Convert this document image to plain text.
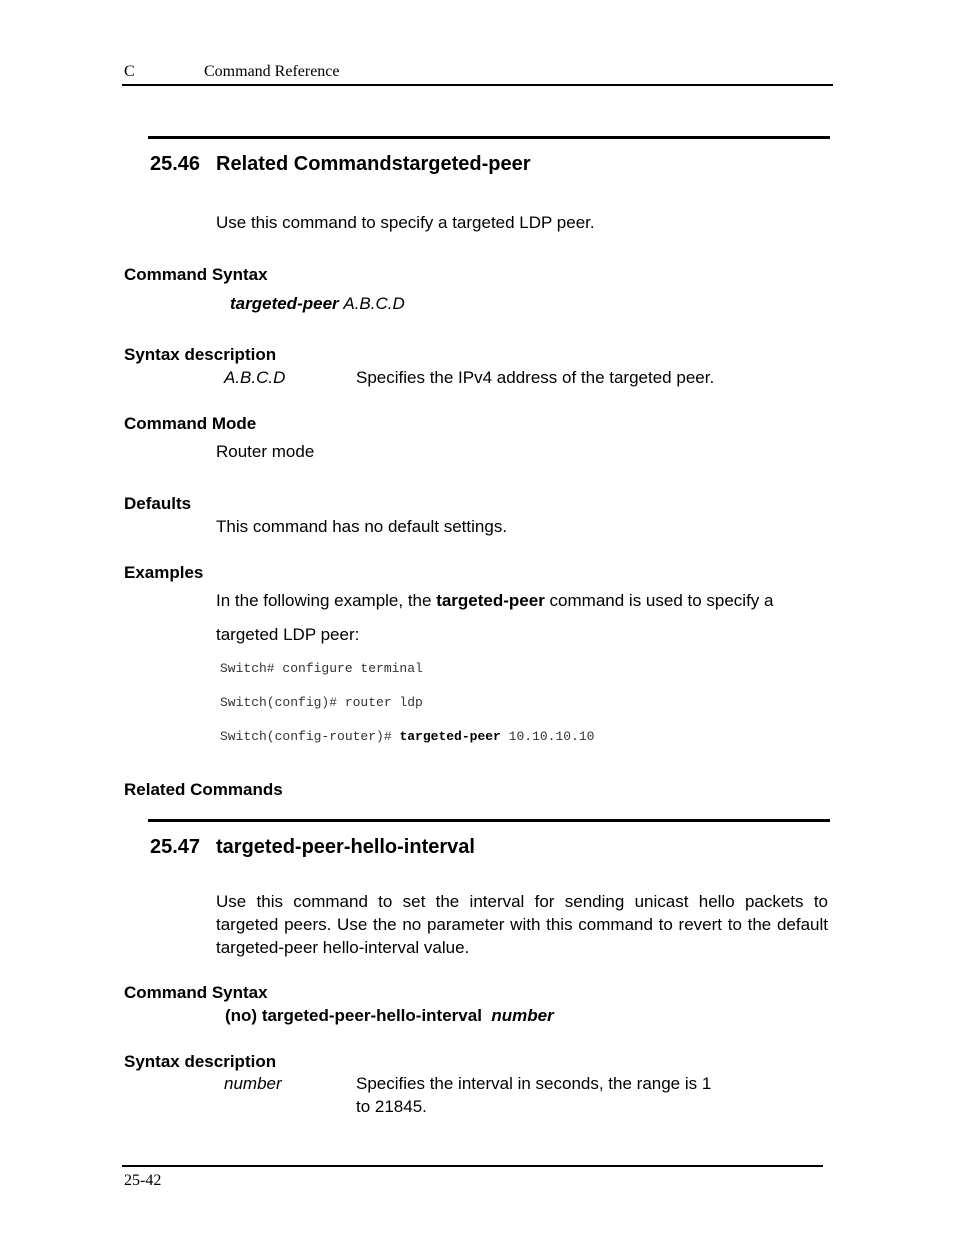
C	Command Reference
25.46 Related Commandstargeted-peer
Use this command to specify a targeted LDP peer.
Command Syntax
targeted-peer A.B.C.D
Syntax description
A.B.C.D	Specifies the IPv4 address of the targeted peer.
Command Mode
Router mode
Defaults
This command has no default settings.
Examples
In the following example, the targeted-peer command is used to specify a
targeted LDP peer:
Switch# configure terminal
Switch(config)# router ldp
Switch(config-router)# targeted-peer 10.10.10.10
Related Commands
25.47 targeted-peer-hello-interval
Use this command to set the interval for sending unicast hello packets to targeted peers. Use the no parameter with this command to revert to the default targeted-peer hello-interval value.
Command Syntax
(no) targeted-peer-hello-interval number
Syntax description
number	Specifies the interval in seconds, the range is 1
to 21845.
25-42
